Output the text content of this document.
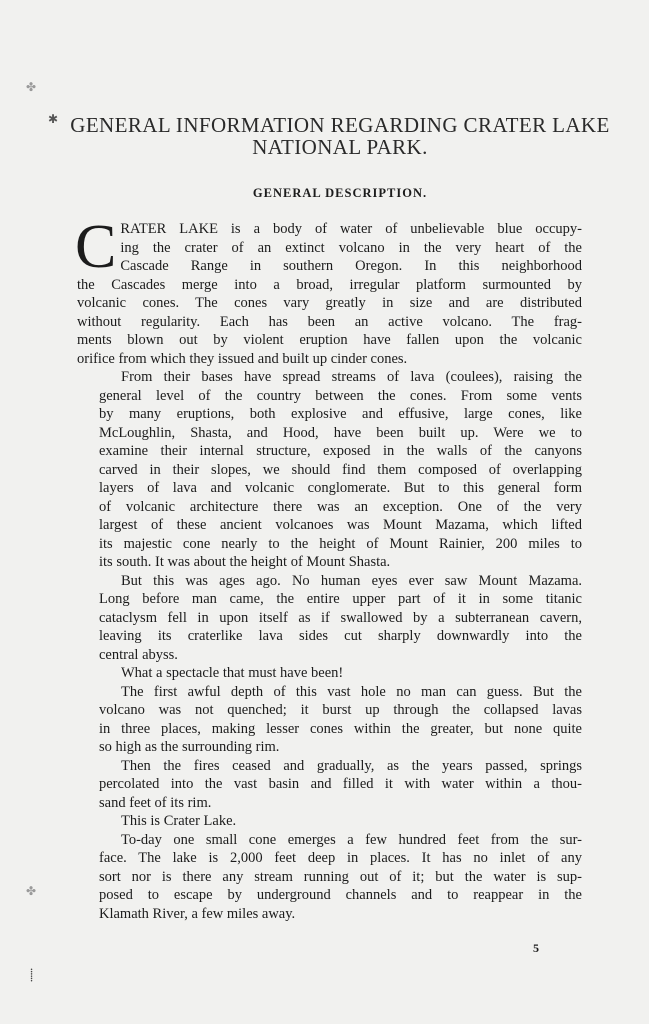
✤
✱
✤
⸽
GENERAL INFORMATION REGARDING CRATER LAKE
NATIONAL PARK.
GENERAL DESCRIPTION.

C RATER LAKE is a body of water of unbelievable blue occupy-
ing the crater of an extinct volcano in the very heart of the
Cascade Range in southern Oregon. In this neighborhood
the Cascades merge into a broad, irregular platform surmounted by
volcanic cones. The cones vary greatly in size and are distributed
without regularity. Each has been an active volcano. The frag-
ments blown out by violent eruption have fallen upon the volcanic
orifice from which they issued and built up cinder cones.

From their bases have spread streams of lava (coulees), raising the
general level of the country between the cones. From some vents
by many eruptions, both explosive and effusive, large cones, like
McLoughlin, Shasta, and Hood, have been built up. Were we to
examine their internal structure, exposed in the walls of the canyons
carved in their slopes, we should find them composed of overlapping
layers of lava and volcanic conglomerate. But to this general form
of volcanic architecture there was an exception. One of the very
largest of these ancient volcanoes was Mount Mazama, which lifted
its majestic cone nearly to the height of Mount Rainier, 200 miles to
its south. It was about the height of Mount Shasta.

But this was ages ago. No human eyes ever saw Mount Mazama.
Long before man came, the entire upper part of it in some titanic
cataclysm fell in upon itself as if swallowed by a subterranean cavern,
leaving its craterlike lava sides cut sharply downwardly into the
central abyss.

What a spectacle that must have been!

The first awful depth of this vast hole no man can guess. But the
volcano was not quenched; it burst up through the collapsed lavas
in three places, making lesser cones within the greater, but none quite
so high as the surrounding rim.

Then the fires ceased and gradually, as the years passed, springs
percolated into the vast basin and filled it with water within a thou-
sand feet of its rim.

This is Crater Lake.

To-day one small cone emerges a few hundred feet from the sur-
face. The lake is 2,000 feet deep in places. It has no inlet of any
sort nor is there any stream running out of it; but the water is sup-
posed to escape by underground channels and to reappear in the
Klamath River, a few miles away.

5
